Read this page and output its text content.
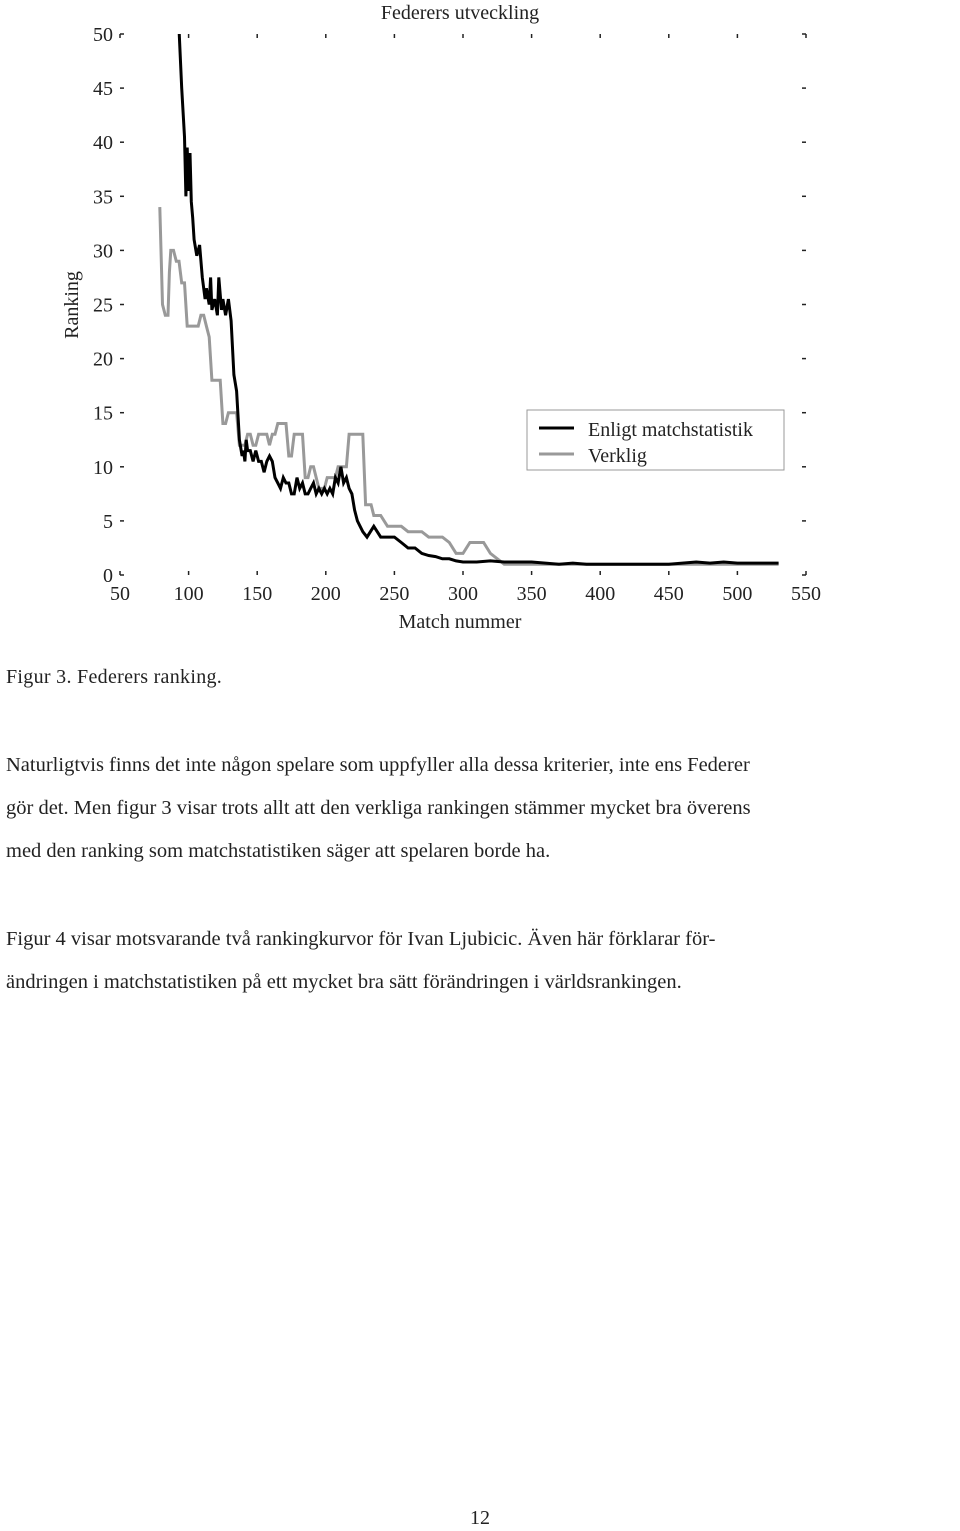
Federers utveckling
Ranking
Match nummer
50 100 150 200 250 300 350 400 450 500 550
0
5
10
15
20
25
30
35
40
45
50
Enligt matchstatistik
Verklig

Figur 3. Federers ranking.

Naturligtvis finns det inte någon spelare som uppfyller alla dessa kriterier, inte ens Federer
gör det. Men figur 3 visar trots allt att den verkliga rankingen stämmer mycket bra överens
med den ranking som matchstatistiken säger att spelaren borde ha.
Figur 4 visar motsvarande två rankingkurvor för Ivan Ljubicic. Även här förklarar för-
ändringen i matchstatistiken på ett mycket bra sätt förändringen i världsrankingen.

12
